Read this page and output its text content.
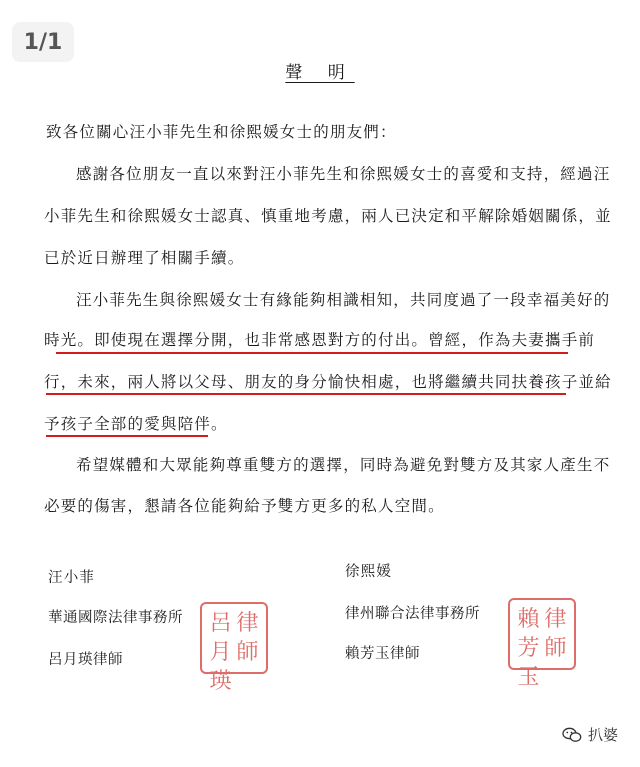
1/1
聲 明
致各位關心汪小菲先生和徐熙媛女士的朋友們：
感謝各位朋友一直以來對汪小菲先生和徐熙媛女士的喜愛和支持，經過汪
小菲先生和徐熙媛女士認真、慎重地考慮，兩人已決定和平解除婚姻關係，並
已於近日辦理了相關手續。
汪小菲先生與徐熙媛女士有緣能夠相識相知，共同度過了一段幸福美好的
時光。即使現在選擇分開，也非常感恩對方的付出。曾經，作為夫妻攜手前
行，未來，兩人將以父母、朋友的身分愉快相處，也將繼續共同扶養孩子並給
予孩子全部的愛與陪伴。
希望媒體和大眾能夠尊重雙方的選擇，同時為避免對雙方及其家人產生不
必要的傷害，懇請各位能夠給予雙方更多的私人空間。
汪小菲
華通國際法律事務所
呂月瑛律師
呂月
律師
瑛
徐熙媛
律州聯合法律事務所
賴芳玉律師
賴芳
律師
玉
扒婆
